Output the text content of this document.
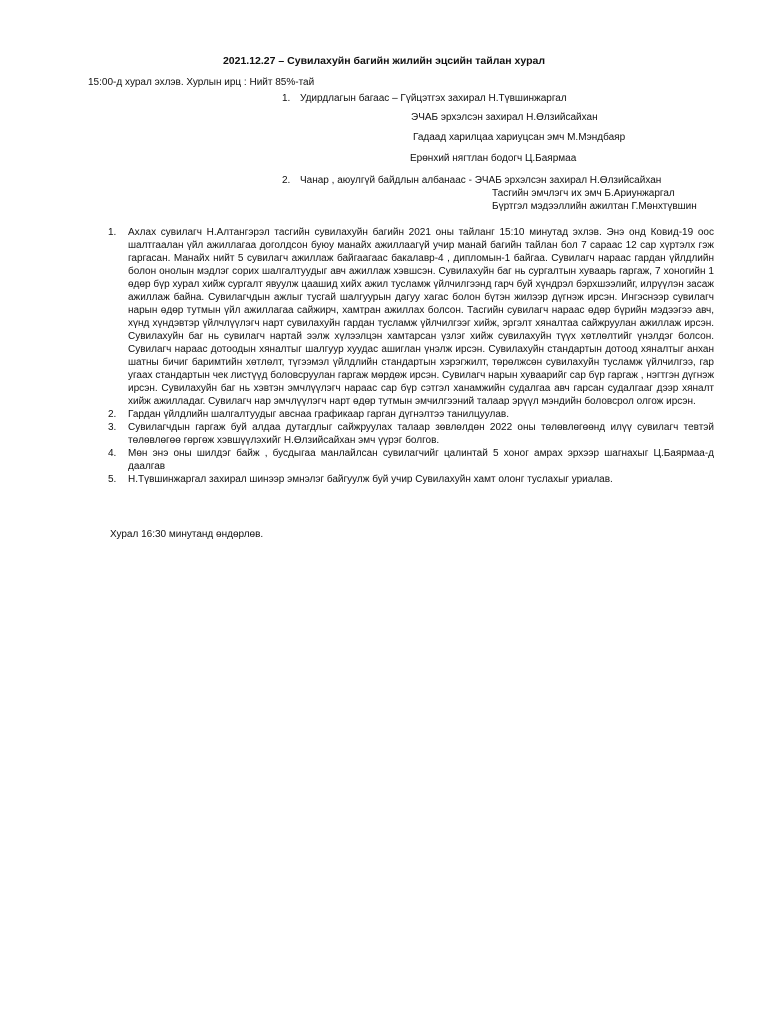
2021.12.27 – Сувилахуйн багийн жилийн эцсийн тайлан хурал
15:00-д хурал эхлэв. Хурлын ирц : Нийт 85%-тай
1. Удирдлагын багаас – Гүйцэтгэх захирал Н.Түвшинжаргал
ЭЧАБ эрхэлсэн захирал Н.Өлзийсайхан
Гадаад харилцаа хариуцсан эмч М.Мэндбаяр
Ерөнхий нягтлан бодогч Ц.Баярмаа
2. Чанар , аюулгүй байдлын албанаас - ЭЧАБ эрхэлсэн захирал Н.Өлзийсайхан
Тасгийн эмчлэгч их эмч Б.Ариунжаргал
Бүртгэл мэдээллийн ажилтан Г.Мөнхтүвшин
1. Ахлах сувилагч Н.Алтангэрэл тасгийн сувилахуйн багийн 2021 оны тайланг 15:10 минутад эхлэв. Энэ онд Ковид-19 оос шалтгаалан үйл ажиллагаа доголдсон буюу манайх ажиллаагүй учир манай багийн тайлан бол 7 сараас 12 сар хүртэлх гэж гаргасан. Манайх нийт 5 сувилагч ажиллаж байгаагаас бакалавр-4 , дипломын-1 байгаа. Сувилагч нараас гардан үйлдлийн болон онолын мэдлэг сорих шалгалтуудыг авч ажиллаж хэвшсэн. Сувилахуйн баг нь сургалтын хуваарь гаргаж, 7 хоногийн 1 өдөр бүр хурал хийж сургалт явуулж цаашид хийх ажил тусламж үйлчилгээнд гарч буй хүндрэл бэрхшээлийг, илрүүлэн засаж ажиллаж байна. Сувилагчдын ажлыг тусгай шалгуурын дагуу хагас болон бүтэн жилээр дүгнэж ирсэн. Ингэснээр сувилагч нарын өдөр тутмын үйл ажиллагаа сайжирч, хамтран ажиллах болсон. Тасгийн сувилагч нараас өдөр бүрийн мэдээгээ авч, хүнд хүндэвтэр үйлчлүүлэгч нарт сувилахуйн гардан тусламж үйлчилгээг хийж, эргэлт хяналтаа сайжруулан ажиллаж ирсэн. Сувилахуйн баг нь сувилагч нартай ээлж хүлээлцэн хамтарсан үзлэг хийж сувилахуйн түүх хөтлөлтийг үнэлдэг болсон. Сувилагч нараас дотоодын хяналтыг шалгуур хуудас ашиглан үнэлж ирсэн. Сувилахуйн стандартын дотоод хяналтыг анхан шатны бичиг баримтийн хөтлөлт, түгээмэл үйлдлийн стандартын хэрэгжилт, төрөлжсөн сувилахуйн тусламж үйлчилгээ, гар угаах стандартын чек листүүд боловсруулан гаргаж мөрдөж ирсэн. Сувилагч нарын хуваарийг сар бүр гаргаж , нэгтгэн дүгнэж ирсэн. Сувилахуйн баг нь хэвтэн эмчлүүлэгч нараас сар бүр сэтгэл ханамжийн судалгаа авч гарсан судалгааг дээр хяналт хийж ажилладаг. Сувилагч нар эмчлүүлэгч нарт өдөр тутмын эмчилгээний талаар эрүүл мэндийн боловсрол олгож ирсэн.
2. Гардан үйлдлийн шалгалтуудыг авснаа графикаар гарган дүгнэлтээ танилцуулав.
3. Сувилагчдын гаргаж буй алдаа дутагдлыг сайжруулах талаар зөвлөлдөн 2022 оны төлөвлөгөөнд илүү сувилагч тевтэй төлөвлөгөө гөргөж хэвшүүлэхийг Н.Өлзийсайхан эмч үүрэг болгов.
4. Мөн энэ оны шилдэг байж , бусдыгаа манлайлсан сувилагчийг цалинтай 5 хоног амрах эрхээр шагнахыг Ц.Баярмаа-д даалгав
5. Н.Түвшинжаргал захирал шинээр эмнэлэг байгуулж буй учир Сувилахуйн хамт олонг туслахыг уриалав.
Хурал 16:30 минутанд өндөрлөв.
